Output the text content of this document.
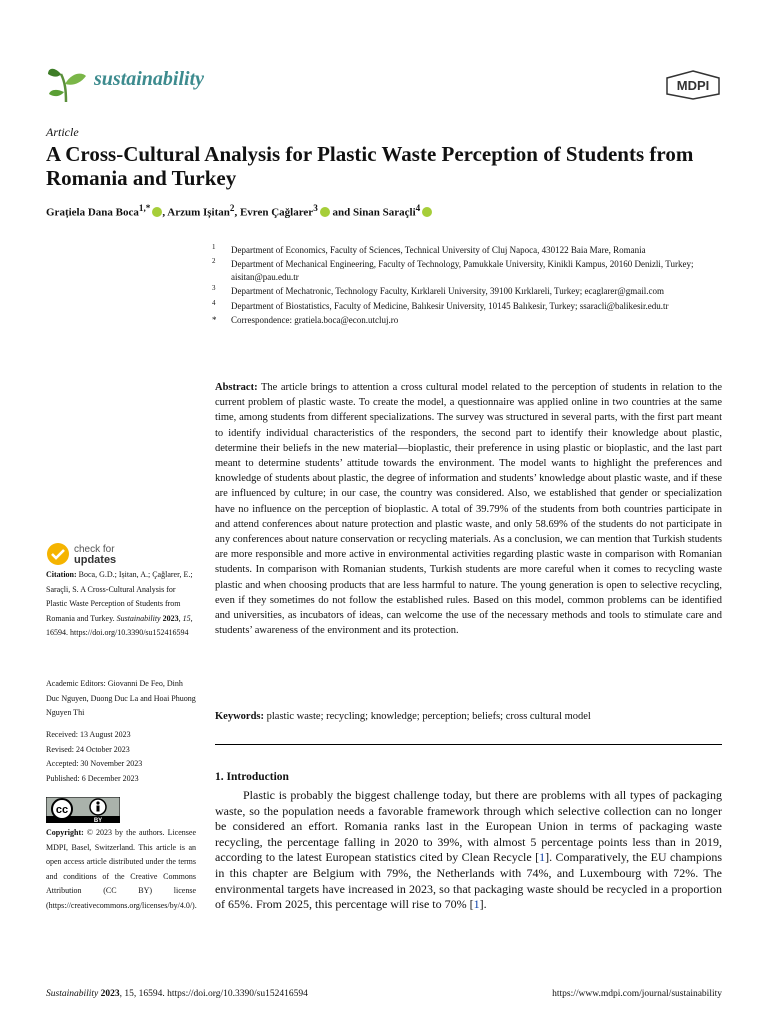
sustainability	MDPI
Article
A Cross-Cultural Analysis for Plastic Waste Perception of Students from Romania and Turkey
Grațiela Dana Boca$^{1,*}$ , Arzum Ișitan$^2$, Evren Çağlarer$^3$ and Sinan Saraçli$^4$
1 Department of Economics, Faculty of Sciences, Technical University of Cluj Napoca, 430122 Baia Mare, Romania
2 Department of Mechanical Engineering, Faculty of Technology, Pamukkale University, Kinikli Kampus, 20160 Denizli, Turkey; aisitan@pau.edu.tr
3 Department of Mechatronic, Technology Faculty, Kırklareli University, 39100 Kırklareli, Turkey; ecaglarer@gmail.com
4 Department of Biostatistics, Faculty of Medicine, Balıkesir University, 10145 Balıkesir, Turkey; ssaracli@balikesir.edu.tr
* Correspondence: gratiela.boca@econ.utcluj.ro
Abstract: The article brings to attention a cross cultural model related to the perception of students in relation to the current problem of plastic waste. To create the model, a questionnaire was applied online in two countries at the same time, among students from different specializations. The survey was structured in several parts, with the first part meant to identify individual characteristics of the responders, the second part to identify their knowledge about plastic, determine their beliefs in the new material—bioplastic, their preference in using plastic or bioplastic, and the last part meant to determine students’ attitude towards the environment. The model wants to highlight the preferences and knowledge of students about plastic, the degree of information and students’ knowledge about plastic waste, and if these are influenced by culture; in our case, the country was considered. Also, we established that gender or specialization have no influence on the perception of bioplastic. A total of 39.79% of the students from both countries participate in and attend conferences about nature protection and plastic waste, and only 58.69% of the students do not participate in any conferences about nature conservation or recycling materials. As a conclusion, we can mention that Turkish students are more responsible and more active in environmental activities regarding plastic waste in comparison with Romanian students. In comparison with Romanian students, Turkish students are more careful when it comes to recycling waste plastic and when choosing products that are less harmful to nature. The young generation is open to selective recycling, even if they sometimes do not follow the established rules. Based on this model, common problems can be identified and universities, as incubators of ideas, can welcome the use of the necessary methods and tools to stimulate care and students’ awareness of the environment and its protection.
Keywords: plastic waste; recycling; knowledge; perception; beliefs; cross cultural model
check for
updates
Citation: Boca, G.D.; Ișitan, A.; Çağlarer, E.; Saraçli, S. A Cross-Cultural Analysis for Plastic Waste Perception of Students from Romania and Turkey. Sustainability 2023, 15, 16594. https://doi.org/10.3390/su152416594
Academic Editors: Giovanni De Feo, Dinh Duc Nguyen, Duong Duc La and Hoai Phuong Nguyen Thi
Received: 13 August 2023
Revised: 24 October 2023
Accepted: 30 November 2023
Published: 6 December 2023
cc
BY
Copyright: © 2023 by the authors. Licensee MDPI, Basel, Switzerland. This article is an open access article distributed under the terms and conditions of the Creative Commons Attribution (CC BY) license (https://creativecommons.org/licenses/by/4.0/).
1. Introduction
Plastic is probably the biggest challenge today, but there are problems with all types of packaging waste, so the population needs a favorable framework through which selective collection can no longer be considered an effort. Romania ranks last in the European Union in terms of packaging waste recycling, the percentage falling in 2020 to 39%, with almost 5 percentage points less than in 2019, according to the latest European statistics cited by Clean Recycle [1]. Comparatively, the EU champions in this chapter are Belgium with 79%, the Netherlands with 74%, and Luxembourg with 72%. The environmental targets have increased in 2023, so that packaging waste should be recycled in a proportion of 65%. From 2025, this percentage will rise to 70% [1].
Sustainability 2023, 15, 16594. https://doi.org/10.3390/su152416594	https://www.mdpi.com/journal/sustainability
